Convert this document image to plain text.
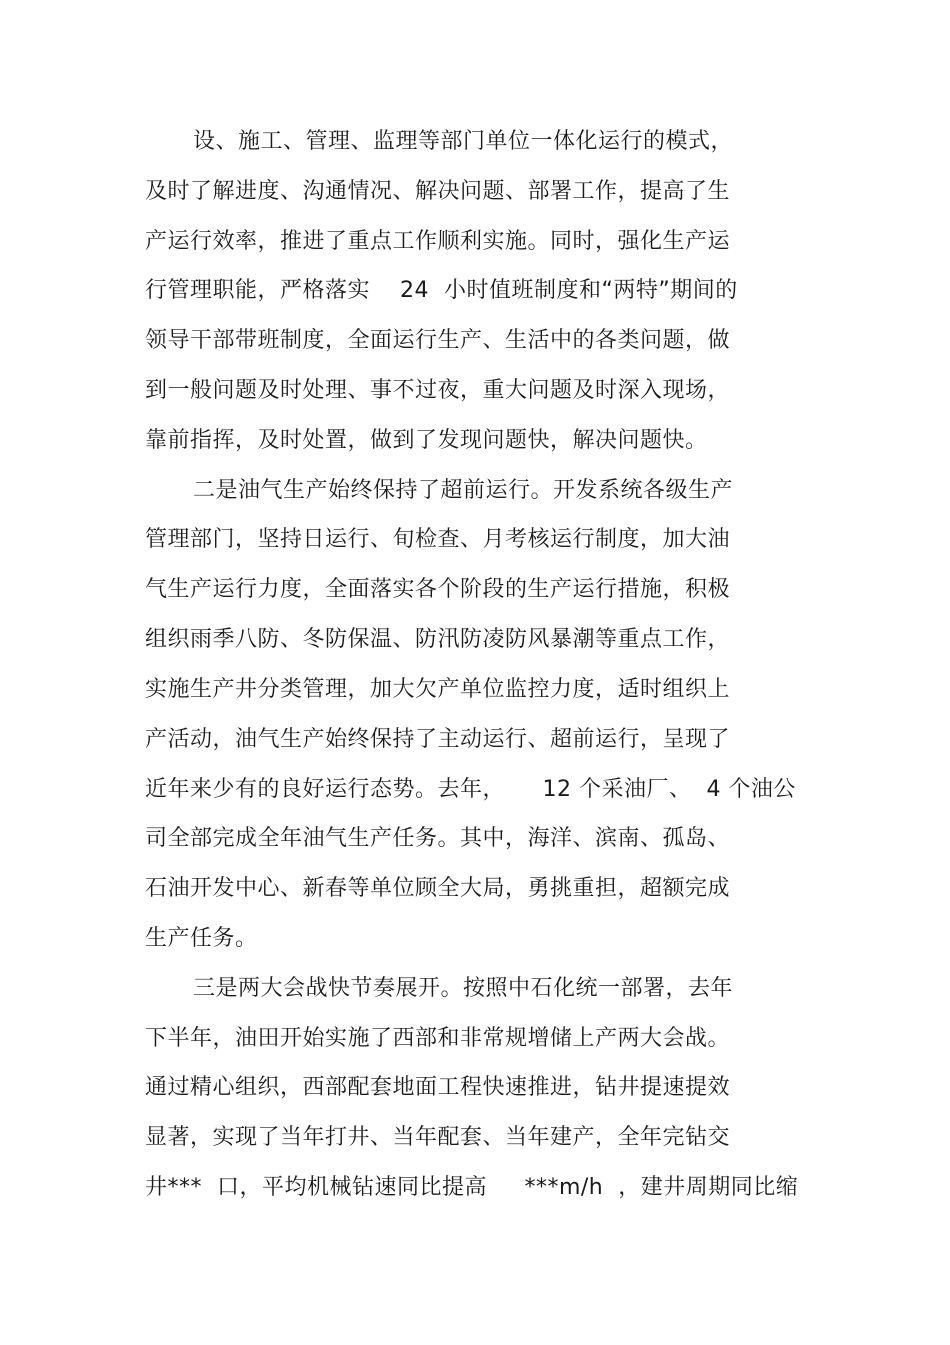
设、施工、管理、监理等部门单位一体化运行的模式，
及时了解进度、沟通情况、解决问题、部署工作，提高了生
产运行效率，推进了重点工作顺利实施。同时，强化生产运
行管理职能，严格落实    24  小时值班制度和“两特”期间的
领导干部带班制度，全面运行生产、生活中的各类问题，做
到一般问题及时处理、事不过夜，重大问题及时深入现场，
靠前指挥，及时处置，做到了发现问题快，解决问题快。
二是油气生产始终保持了超前运行。开发系统各级生产
管理部门，坚持日运行、旬检查、月考核运行制度，加大油
气生产运行力度，全面落实各个阶段的生产运行措施，积极
组织雨季八防、冬防保温、防汛防凌防风暴潮等重点工作，
实施生产井分类管理，加大欠产单位监控力度，适时组织上
产活动，油气生产始终保持了主动运行、超前运行，呈现了
近年来少有的良好运行态势。去年，     12 个采油厂、  4 个油公
司全部完成全年油气生产任务。其中，海洋、滨南、孤岛、
石油开发中心、新春等单位顾全大局，勇挑重担，超额完成
生产任务。
三是两大会战快节奏展开。按照中石化统一部署，去年
下半年，油田开始实施了西部和非常规增储上产两大会战。
通过精心组织，西部配套地面工程快速推进，钻井提速提效
显著，实现了当年打井、当年配套、当年建产，全年完钻交
井***  口，平均机械钻速同比提高     ***m/h  ，建井周期同比缩
